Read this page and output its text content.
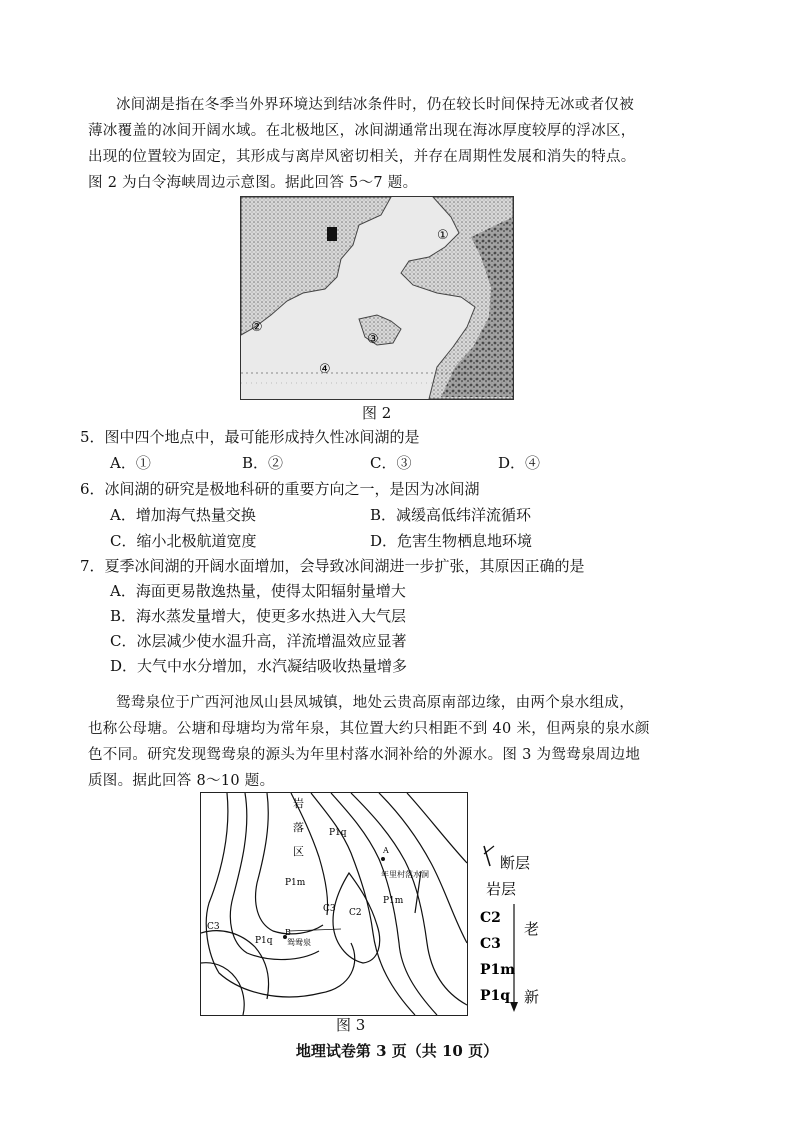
冰间湖是指在冬季当外界环境达到结冰条件时，仍在较长时间保持无冰或者仅被
薄冰覆盖的冰间开阔水域。在北极地区，冰间湖通常出现在海冰厚度较厚的浮冰区，
出现的位置较为固定，其形成与离岸风密切相关，并存在周期性发展和消失的特点。
图 2 为白令海峡周边示意图。据此回答 5～7 题。
①
②
③
④
图 2
5．图中四个地点中，最可能形成持久性冰间湖的是
A．①	B．②	C．③	D．④
6．冰间湖的研究是极地科研的重要方向之一，是因为冰间湖
A．增加海气热量交换	B．减缓高低纬洋流循环
C．缩小北极航道宽度	D．危害生物栖息地环境
7．夏季冰间湖的开阔水面增加，会导致冰间湖进一步扩张，其原因正确的是
A．海面更易散逸热量，使得太阳辐射量增大
B．海水蒸发量增大，使更多水热进入大气层
C．冰层减少使水温升高，洋流增温效应显著
D．大气中水分增加，水汽凝结吸收热量增多
鸳鸯泉位于广西河池凤山县凤城镇，地处云贵高原南部边缘，由两个泉水组成，
也称公母塘。公塘和母塘均为常年泉，其位置大约只相距不到 40 米，但两泉的泉水颜
色不同。研究发现鸳鸯泉的源头为年里村落水洞补给的外源水。图 3 为鸳鸯泉周边地
质图。据此回答 8～10 题。
岩
落
区
P1q
P1m
P1m
A
年里村落水洞
C3 C2
C3
P1q
B
鸳鸯泉
断层
岩层
C2
C3
P1m
P1q
老
新
图 3
地理试卷第 3 页（共 10 页）
